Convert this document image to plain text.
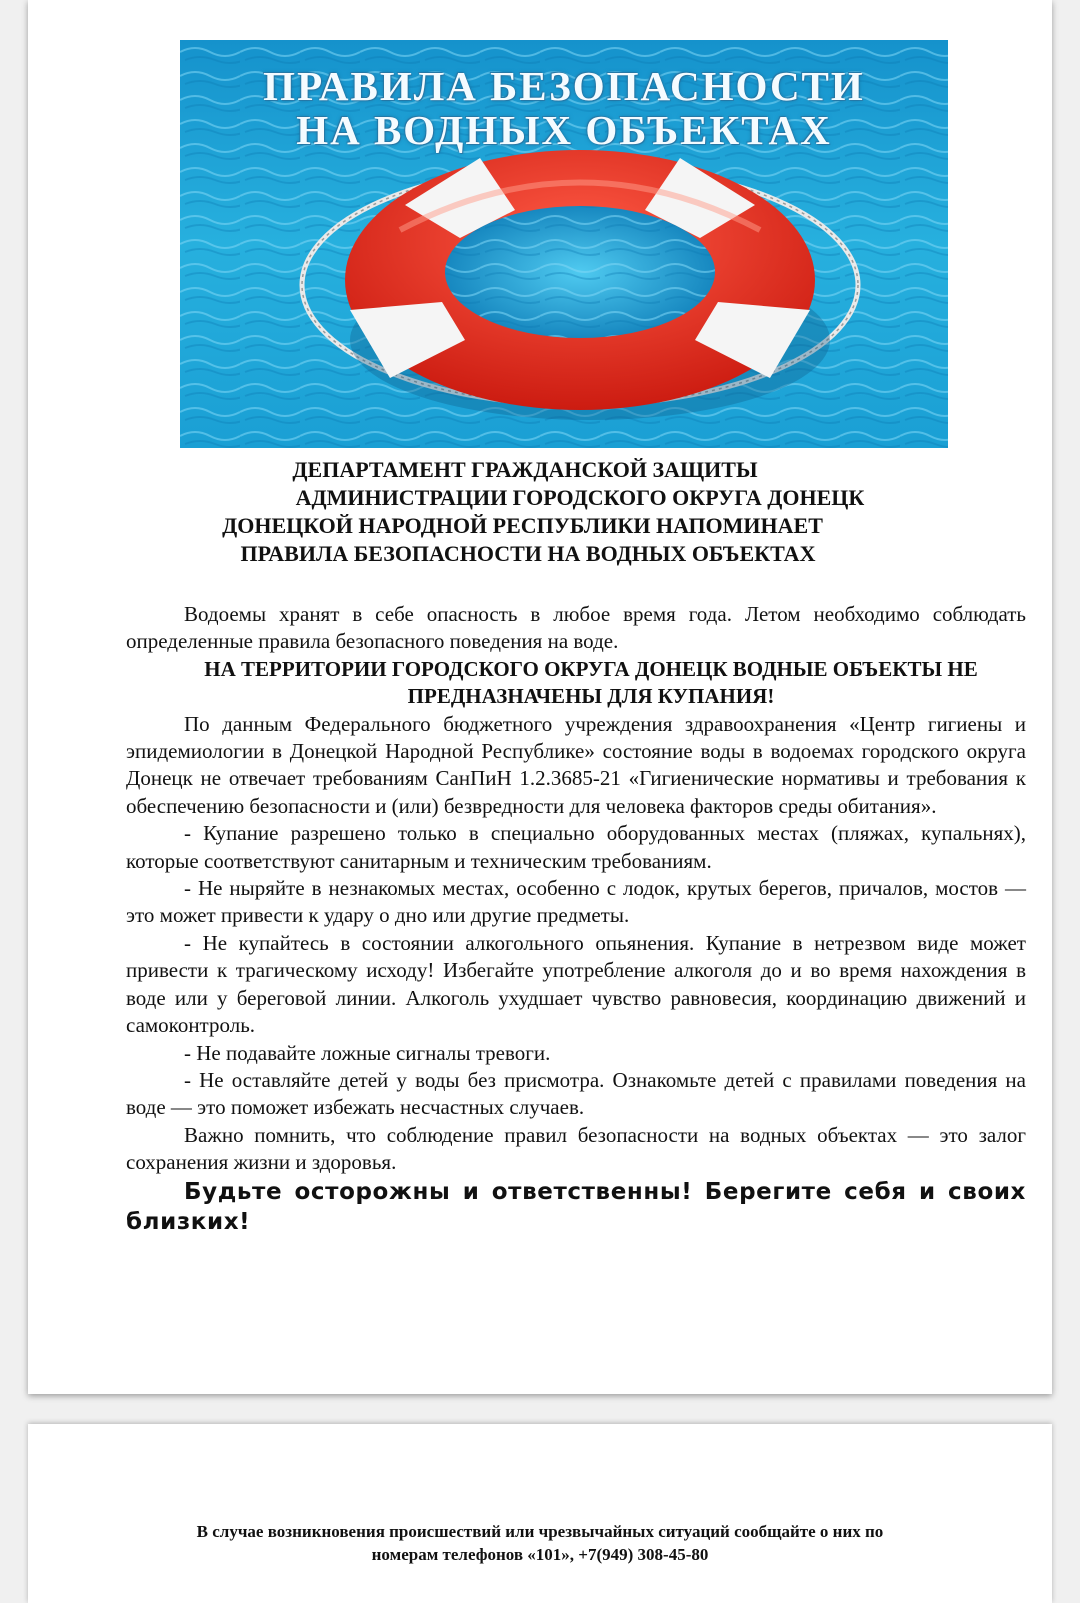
ПРАВИЛА БЕЗОПАСНОСТИ
НА ВОДНЫХ ОБЪЕКТАХ
ДЕПАРТАМЕНТ ГРАЖДАНСКОЙ ЗАЩИТЫ
АДМИНИСТРАЦИИ ГОРОДСКОГО ОКРУГА ДОНЕЦК
ДОНЕЦКОЙ НАРОДНОЙ РЕСПУБЛИКИ НАПОМИНАЕТ
ПРАВИЛА БЕЗОПАСНОСТИ НА ВОДНЫХ ОБЪЕКТАХ

Водоемы хранят в себе опасность в любое время года. Летом необходимо соблюдать определенные правила безопасного поведения на воде.

НА ТЕРРИТОРИИ ГОРОДСКОГО ОКРУГА ДОНЕЦК ВОДНЫЕ ОБЪЕКТЫ НЕ ПРЕДНАЗНАЧЕНЫ ДЛЯ КУПАНИЯ!

По данным Федерального бюджетного учреждения здравоохранения «Центр гигиены и эпидемиологии в Донецкой Народной Республике» состояние воды в водоемах городского округа Донецк не отвечает требованиям СанПиН 1.2.3685-21 «Гигиенические нормативы и требования к обеспечению безопасности и (или) безвредности для человека факторов среды обитания».

- Купание разрешено только в специально оборудованных местах (пляжах, купальнях), которые соответствуют санитарным и техническим требованиям.

- Не ныряйте в незнакомых местах, особенно с лодок, крутых берегов, причалов, мостов — это может привести к удару о дно или другие предметы.

- Не купайтесь в состоянии алкогольного опьянения. Купание в нетрезвом виде может привести к трагическому исходу! Избегайте употребление алкоголя до и во время нахождения в воде или у береговой линии. Алкоголь ухудшает чувство равновесия, координацию движений и самоконтроль.

- Не подавайте ложные сигналы тревоги.

- Не оставляйте детей у воды без присмотра. Ознакомьте детей с правилами поведения на воде — это поможет избежать несчастных случаев.

Важно помнить, что соблюдение правил безопасности на водных объектах — это залог сохранения жизни и здоровья.

Будьте осторожны и ответственны! Берегите себя и своих близких!

В случае возникновения происшествий или чрезвычайных ситуаций сообщайте о них по
номерам телефонов «101», +7(949) 308-45-80
